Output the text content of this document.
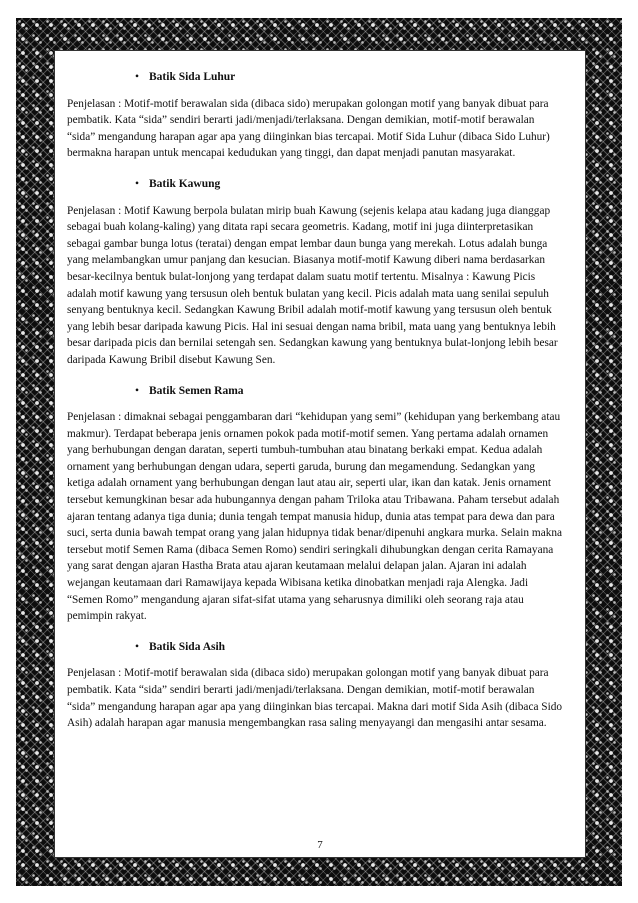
• Batik Sida Luhur

Penjelasan : Motif-motif berawalan sida (dibaca sido) merupakan golongan motif yang banyak dibuat para pembatik. Kata “sida” sendiri berarti jadi/menjadi/terlaksana. Dengan demikian, motif-motif berawalan “sida” mengandung harapan agar apa yang diinginkan bias tercapai. Motif Sida Luhur (dibaca Sido Luhur) bermakna harapan untuk mencapai kedudukan yang tinggi, dan dapat menjadi panutan masyarakat.

• Batik Kawung

Penjelasan : Motif Kawung berpola bulatan mirip buah Kawung (sejenis kelapa atau kadang juga dianggap sebagai buah kolang-kaling) yang ditata rapi secara geometris. Kadang, motif ini juga diinterpretasikan sebagai gambar bunga lotus (teratai) dengan empat lembar daun bunga yang merekah. Lotus adalah bunga yang melambangkan umur panjang dan kesucian. Biasanya motif-motif Kawung diberi nama berdasarkan besar-kecilnya bentuk bulat-lonjong yang terdapat dalam suatu motif tertentu. Misalnya : Kawung Picis adalah motif kawung yang tersusun oleh bentuk bulatan yang kecil. Picis adalah mata uang senilai sepuluh senyang bentuknya kecil. Sedangkan Kawung Bribil adalah motif-motif kawung yang tersusun oleh bentuk yang lebih besar daripada kawung Picis. Hal ini sesuai dengan nama bribil, mata uang yang bentuknya lebih besar daripada picis dan bernilai setengah sen. Sedangkan kawung yang bentuknya bulat-lonjong lebih besar daripada Kawung Bribil disebut Kawung Sen.

• Batik Semen Rama

Penjelasan : dimaknai sebagai penggambaran dari “kehidupan yang semi” (kehidupan yang berkembang atau makmur). Terdapat beberapa jenis ornamen pokok pada motif-motif semen. Yang pertama adalah ornamen yang berhubungan dengan daratan, seperti tumbuh-tumbuhan atau binatang berkaki empat. Kedua adalah ornament yang berhubungan dengan udara, seperti garuda, burung dan megamendung. Sedangkan yang ketiga adalah ornament yang berhubungan dengan laut atau air, seperti ular, ikan dan katak. Jenis ornament tersebut kemungkinan besar ada hubungannya dengan paham Triloka atau Tribawana. Paham tersebut adalah ajaran tentang adanya tiga dunia; dunia tengah tempat manusia hidup, dunia atas tempat para dewa dan para suci, serta dunia bawah tempat orang yang jalan hidupnya tidak benar/dipenuhi angkara murka. Selain makna tersebut motif Semen Rama (dibaca Semen Romo) sendiri seringkali dihubungkan dengan cerita Ramayana yang sarat dengan ajaran Hastha Brata atau ajaran keutamaan melalui delapan jalan. Ajaran ini adalah wejangan keutamaan dari Ramawijaya kepada Wibisana ketika dinobatkan menjadi raja Alengka. Jadi “Semen Romo” mengandung ajaran sifat-sifat utama yang seharusnya dimiliki oleh seorang raja atau pemimpin rakyat.

• Batik Sida Asih

Penjelasan : Motif-motif berawalan sida (dibaca sido) merupakan golongan motif yang banyak dibuat para pembatik. Kata “sida” sendiri berarti jadi/menjadi/terlaksana. Dengan demikian, motif-motif berawalan “sida” mengandung harapan agar apa yang diinginkan bias tercapai. Makna dari motif Sida Asih (dibaca Sido Asih) adalah harapan agar manusia mengembangkan rasa saling menyayangi dan mengasihi antar sesama.

7
